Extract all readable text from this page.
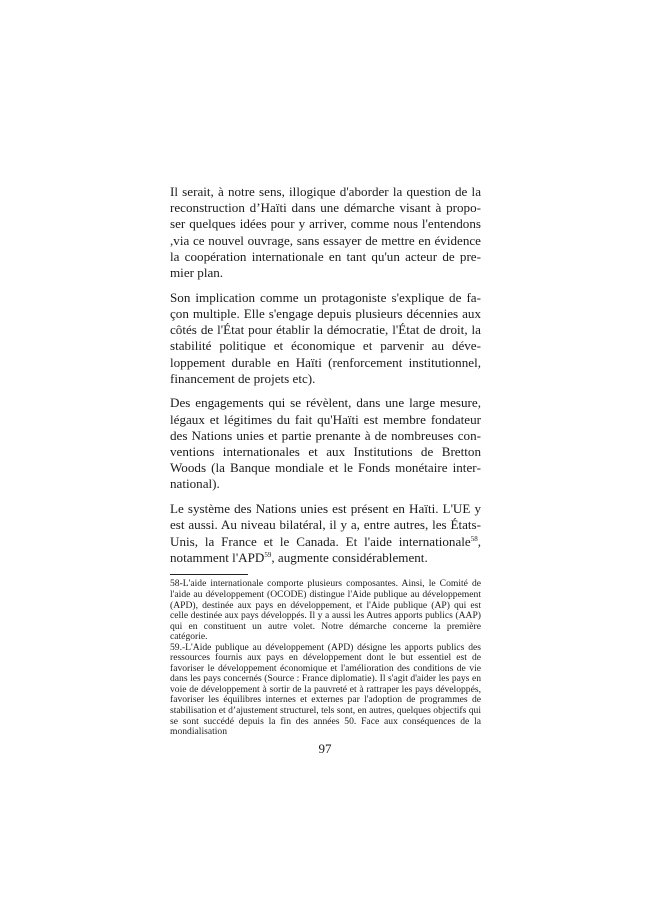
Il serait, à notre sens, illogique d'aborder la question de la reconstruction d’Haïti dans une démarche visant à proposer quelques idées pour y arriver, comme nous l'entendons ,via ce nouvel ouvrage, sans essayer de mettre en évidence la coopération internationale en tant qu'un acteur de premier plan.

Son implication comme un protagoniste s'explique de façon multiple. Elle s'engage depuis plusieurs décennies aux côtés de l'État pour établir la démocratie, l'État de droit, la stabilité politique et économique et parvenir au développement durable en Haïti (renforcement institutionnel, financement de projets etc).

Des engagements qui se révèlent, dans une large mesure, légaux et légitimes du fait qu'Haïti est membre fondateur des Nations unies et partie prenante à de nombreuses conventions internationales et aux Institutions de Bretton Woods (la Banque mondiale et le Fonds monétaire international).

Le système des Nations unies est présent en Haïti. L'UE y est aussi. Au niveau bilatéral, il y a, entre autres, les États-Unis, la France et le Canada. Et l'aide internationale$^{58}$, notamment l'APD$^{59}$, augmente considérablement.

58-L'aide internationale comporte plusieurs composantes. Ainsi, le Comité de l'aide au développement (OCODE) distingue l'Aide publique au développement (APD), destinée aux pays en développement, et l'Aide publique (AP) qui est celle destinée aux pays développés. Il y a aussi les Autres apports publics (AAP) qui en constituent un autre volet. Notre démarche concerne la première catégorie.

59.-L'Aide publique au développement (APD) désigne les apports publics des ressources fournis aux pays en développement dont le but essentiel est de favoriser le développement économique et l'amélioration des conditions de vie dans les pays concernés (Source : France diplomatie). Il s'agit d'aider les pays en voie de développement à sortir de la pauvreté et à rattraper les pays développés, favoriser les équilibres internes et externes par l'adoption de programmes de stabilisation et d’ajustement structurel, tels sont, en autres, quelques objectifs qui se sont succédé depuis la fin des années 50. Face aux conséquences de la mondialisation

97
